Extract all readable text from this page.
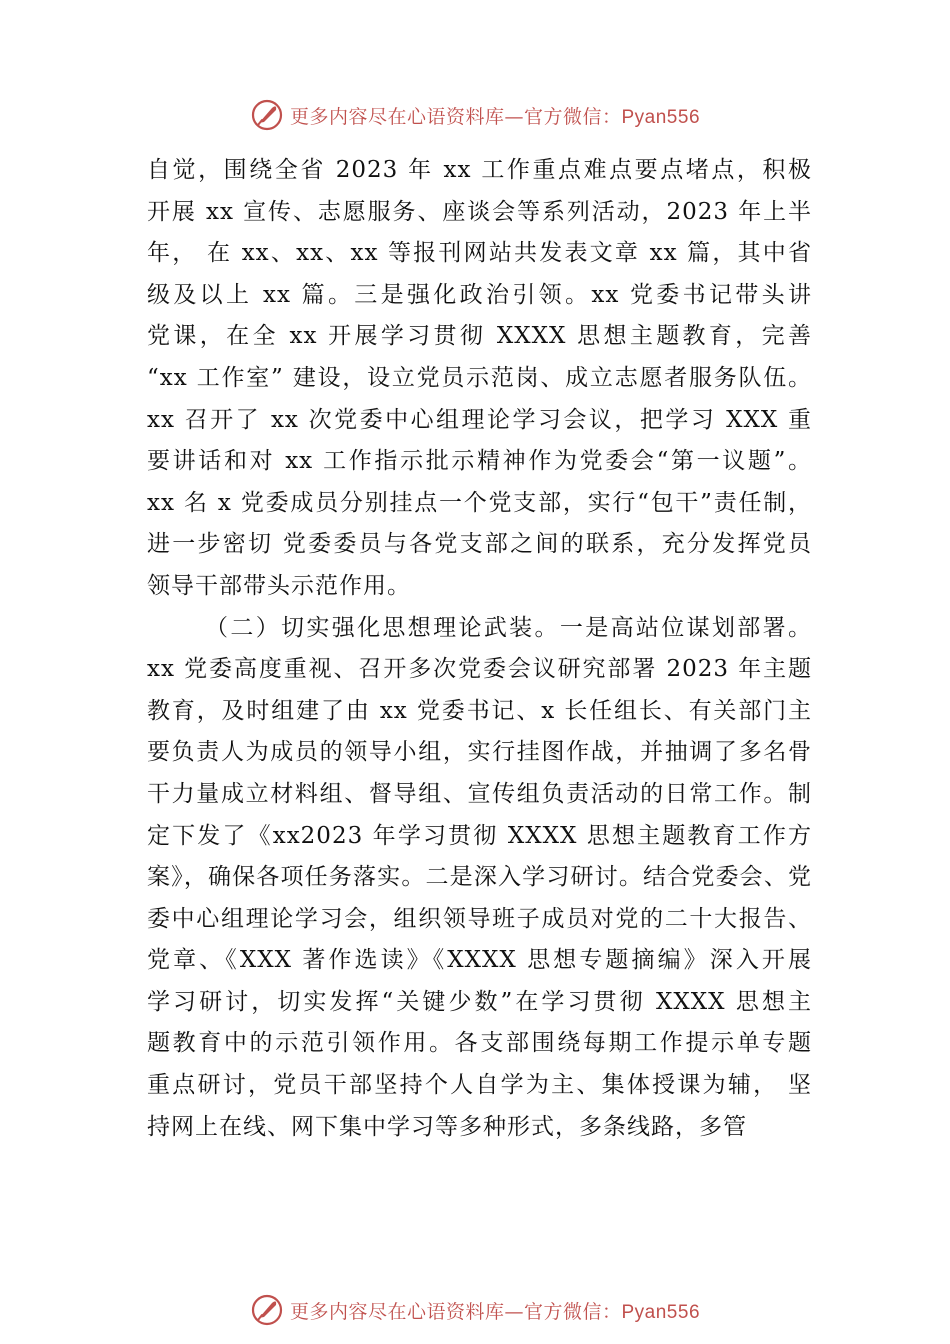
更多内容尽在心语资料库—官方微信：Pyan556
自觉，围绕全省 2023 年 xx 工作重点难点要点堵点，积极
开展 xx 宣传、志愿服务、座谈会等系列活动，2023 年上半
年， 在 xx、xx、xx 等报刊网站共发表文章 xx 篇，其中省
级及以上 xx 篇。三是强化政治引领。xx 党委书记带头讲
党课，在全 xx 开展学习贯彻 XXXX 思想主题教育，完善
“xx 工作室” 建设，设立党员示范岗、成立志愿者服务队伍。
xx 召开了 xx 次党委中心组理论学习会议，把学习 XXX 重
要讲话和对 xx 工作指示批示精神作为党委会“第一议题”。
xx 名 x 党委成员分别挂点一个党支部，实行“包干”责任制，
进一步密切 党委委员与各党支部之间的联系，充分发挥党员
领导干部带头示范作用。
（二）切实强化思想理论武装。一是高站位谋划部署。
xx 党委高度重视、召开多次党委会议研究部署 2023 年主题
教育，及时组建了由 xx 党委书记、x 长任组长、有关部门主
要负责人为成员的领导小组，实行挂图作战，并抽调了多名骨
干力量成立材料组、督导组、宣传组负责活动的日常工作。制
定下发了《xx2023 年学习贯彻 XXXX 思想主题教育工作方
案》，确保各项任务落实。二是深入学习研讨。结合党委会、党
委中心组理论学习会，组织领导班子成员对党的二十大报告、
党章、《XXX 著作选读》《XXXX 思想专题摘编》深入开展
学习研讨，切实发挥“关键少数”在学习贯彻 XXXX 思想主
题教育中的示范引领作用。各支部围绕每期工作提示单专题
重点研讨，党员干部坚持个人自学为主、集体授课为辅， 坚
持网上在线、网下集中学习等多种形式，多条线路，多管
更多内容尽在心语资料库—官方微信：Pyan556
